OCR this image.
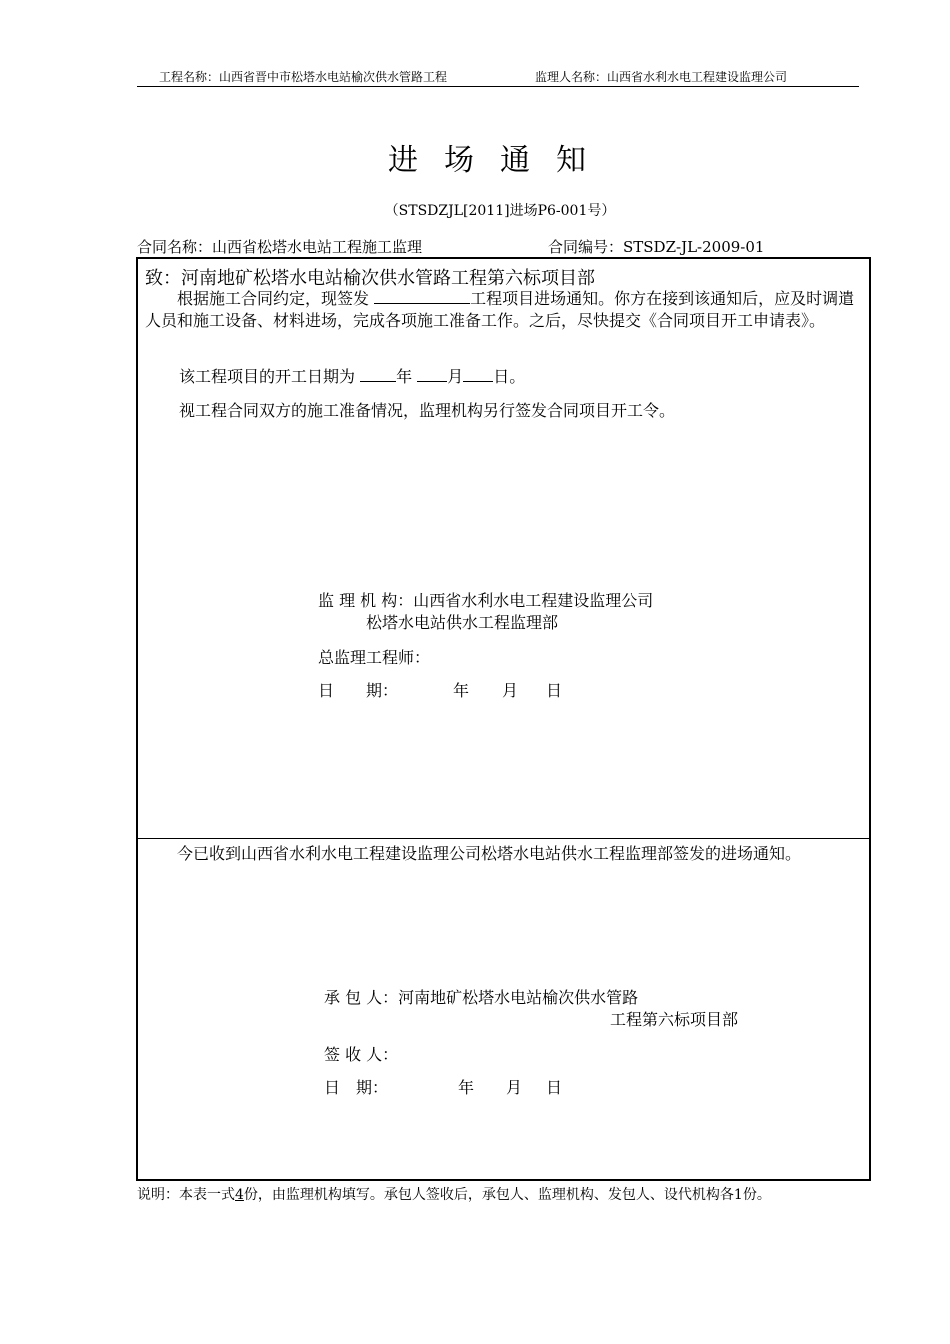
工程名称：山西省晋中市松塔水电站榆次供水管路工程	监理人名称：山西省水利水电工程建设监理公司
进场通知
（STSDZJL[2011]进场P6-001号）
合同名称：山西省松塔水电站工程施工监理	合同编号：STSDZ-JL-2009-01
致：河南地矿松塔水电站榆次供水管路工程第六标项目部
根据施工合同约定，现签发	工程项目进场通知。你方在接到该通知后，应及时调遣人员和施工设备、材料进场，完成各项施工准备工作。之后，尽快提交《合同项目开工申请表》。
该工程项目的开工日期为	年 月 日。
视工程合同双方的施工准备情况，监理机构另行签发合同项目开工令。
监 理 机 构：山西省水利水电工程建设监理公司
松塔水电站供水工程监理部
总监理工程师：
日　　期：	年 月 日
今已收到山西省水利水电工程建设监理公司松塔水电站供水工程监理部签发的进场通知。
承 包 人：河南地矿松塔水电站榆次供水管路
工程第六标项目部
签 收 人：
日　期：	年 月 日
说明：本表一式4份，由监理机构填写。承包人签收后，承包人、监理机构、发包人、设代机构各1份。
